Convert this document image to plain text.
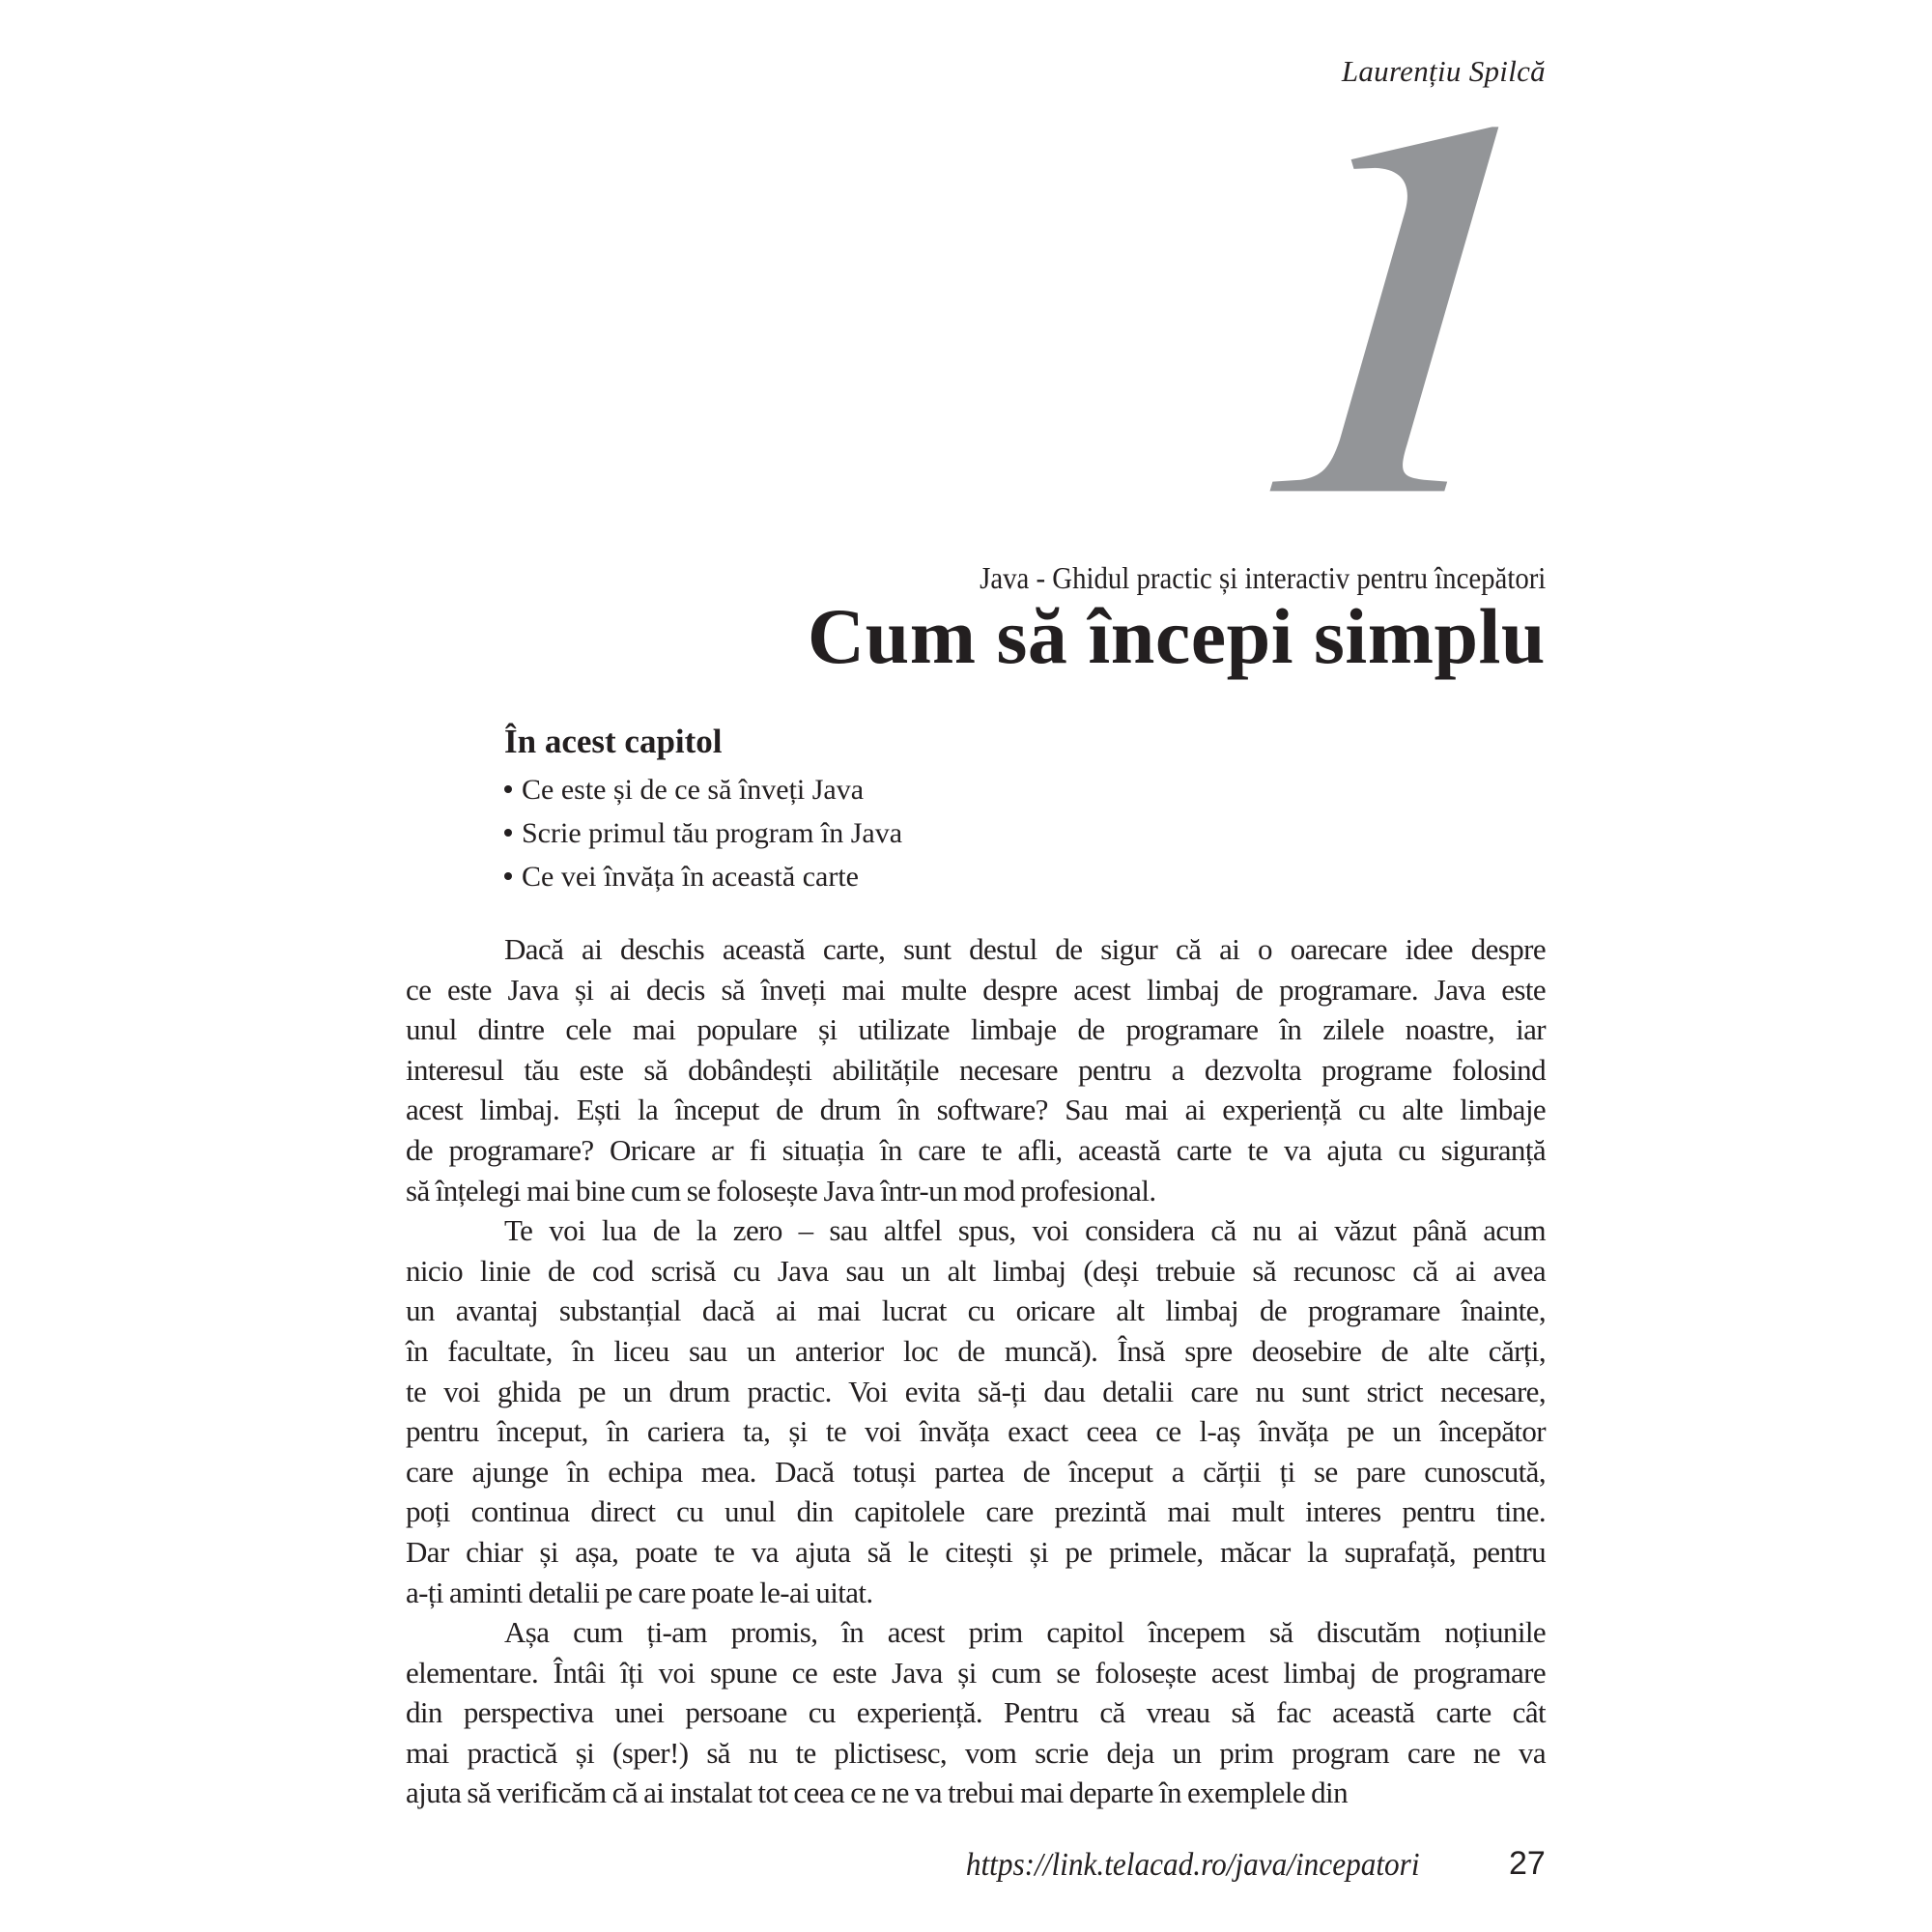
Laurențiu Spilcă
Java - Ghidul practic și interactiv pentru începători
Cum să începi simplu
În acest capitol
Ce este și de ce să înveți Java
Scrie primul tău program în Java
Ce vei învăța în această carte
Dacă ai deschis această carte, sunt destul de sigur că ai o oarecare idee despre
ce este Java și ai decis să înveți mai multe despre acest limbaj de programare. Java este
unul dintre cele mai populare și utilizate limbaje de programare în zilele noastre, iar
interesul tău este să dobândești abilitățile necesare pentru a dezvolta programe folosind
acest limbaj. Ești la început de drum în software? Sau mai ai experiență cu alte limbaje
de programare? Oricare ar fi situația în care te afli, această carte te va ajuta cu siguranță
să înțelegi mai bine cum se folosește Java într-un mod profesional.
Te voi lua de la zero – sau altfel spus, voi considera că nu ai văzut până acum
nicio linie de cod scrisă cu Java sau un alt limbaj (deși trebuie să recunosc că ai avea
un avantaj substanțial dacă ai mai lucrat cu oricare alt limbaj de programare înainte,
în facultate, în liceu sau un anterior loc de muncă). Însă spre deosebire de alte cărți,
te voi ghida pe un drum practic. Voi evita să-ți dau detalii care nu sunt strict necesare,
pentru început, în cariera ta, și te voi învăța exact ceea ce l-aș învăța pe un începător
care ajunge în echipa mea. Dacă totuși partea de început a cărții ți se pare cunoscută,
poți continua direct cu unul din capitolele care prezintă mai mult interes pentru tine.
Dar chiar și așa, poate te va ajuta să le citești și pe primele, măcar la suprafață, pentru
a-ți aminti detalii pe care poate le-ai uitat.
Așa cum ți-am promis, în acest prim capitol începem să discutăm noțiunile
elementare. Întâi îți voi spune ce este Java și cum se folosește acest limbaj de programare
din perspectiva unei persoane cu experiență. Pentru că vreau să fac această carte cât
mai practică și (sper!) să nu te plictisesc, vom scrie deja un prim program care ne va
ajuta să verificăm că ai instalat tot ceea ce ne va trebui mai departe în exemplele din
https://link.telacad.ro/java/incepatori	27
